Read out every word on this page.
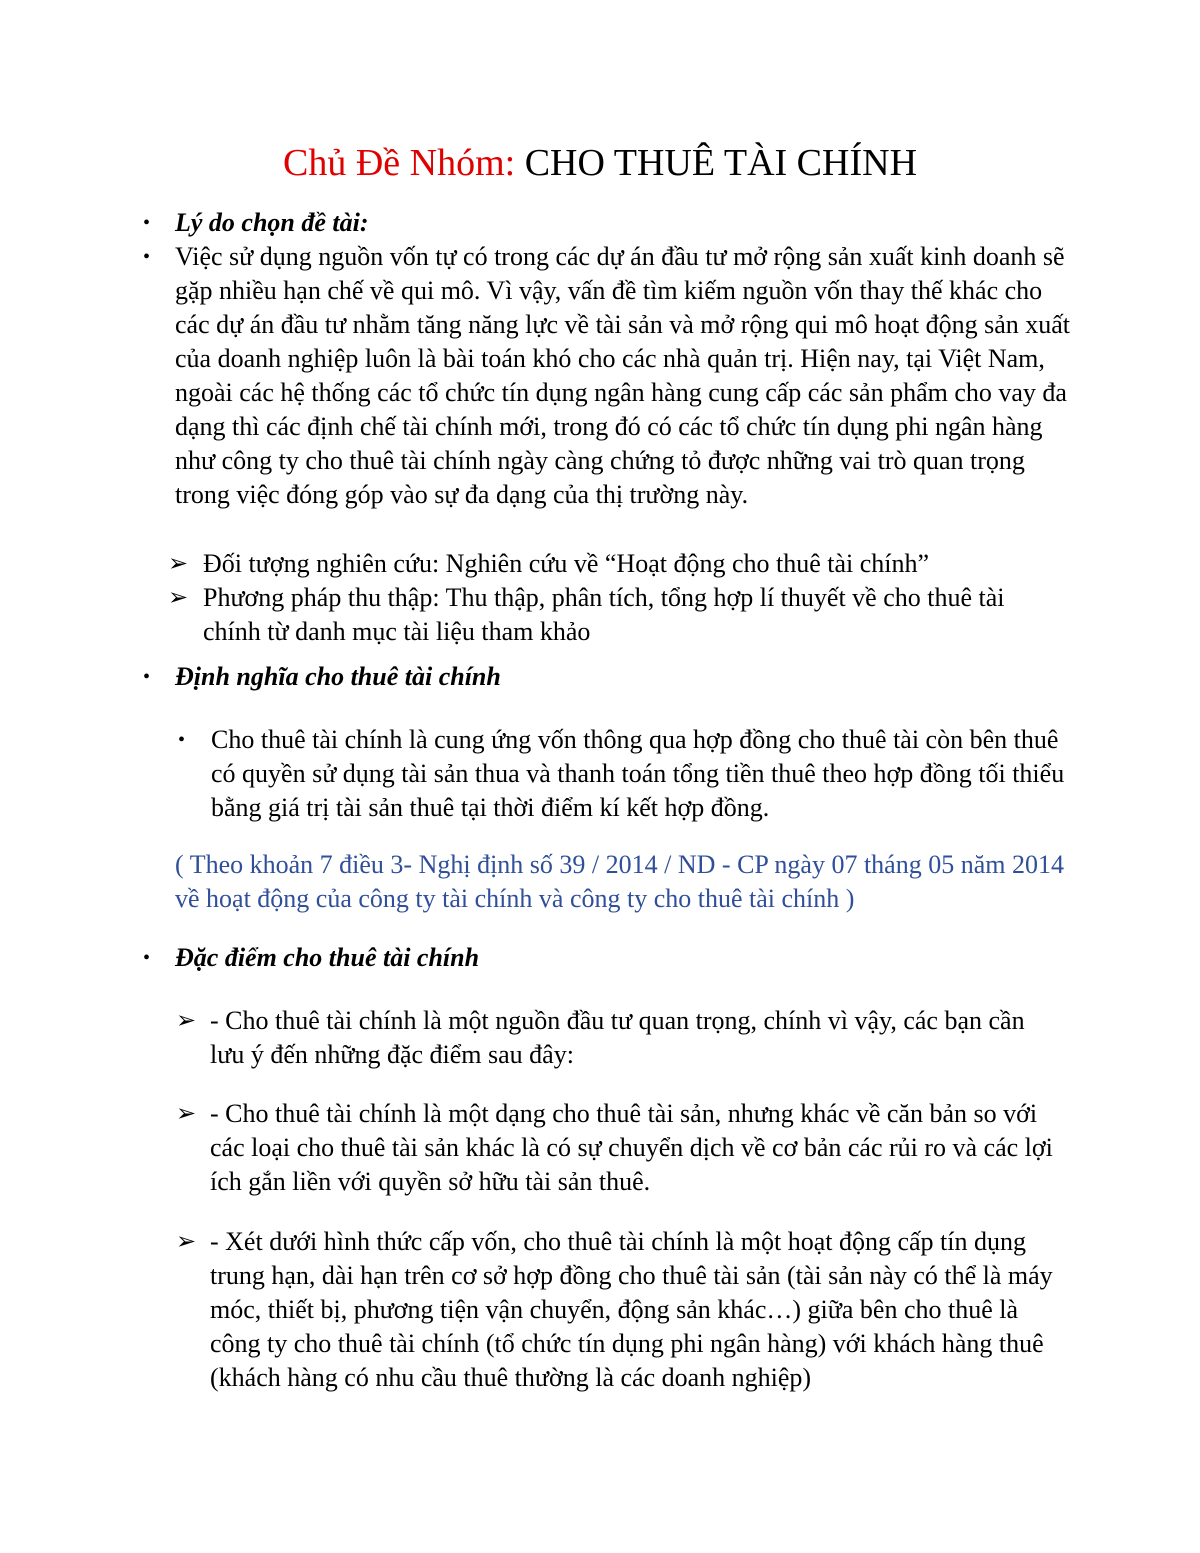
Chủ Đề Nhóm: CHO THUÊ TÀI CHÍNH
• Lý do chọn đề tài:
• Việc sử dụng nguồn vốn tự có trong các dự án đầu tư mở rộng sản xuất kinh doanh sẽ gặp nhiều hạn chế về qui mô. Vì vậy, vấn đề tìm kiếm nguồn vốn thay thế khác cho các dự án đầu tư nhằm tăng năng lực về tài sản và mở rộng qui mô hoạt động sản xuất của doanh nghiệp luôn là bài toán khó cho các nhà quản trị. Hiện nay, tại Việt Nam, ngoài các hệ thống các tổ chức tín dụng ngân hàng cung cấp các sản phẩm cho vay đa dạng thì các định chế tài chính mới, trong đó có các tổ chức tín dụng phi ngân hàng như công ty cho thuê tài chính ngày càng chứng tỏ được những vai trò quan trọng trong việc đóng góp vào sự đa dạng của thị trường này.
➢ Đối tượng nghiên cứu: Nghiên cứu về “Hoạt động cho thuê tài chính”
➢ Phương pháp thu thập: Thu thập, phân tích, tổng hợp lí thuyết về cho thuê tài chính từ danh mục tài liệu tham khảo
• Định nghĩa cho thuê tài chính
• Cho thuê tài chính là cung ứng vốn thông qua hợp đồng cho thuê tài còn bên thuê có quyền sử dụng tài sản thua và thanh toán tổng tiền thuê theo hợp đồng tối thiểu bằng giá trị tài sản thuê tại thời điểm kí kết hợp đồng.
( Theo khoản 7 điều 3- Nghị định số 39 / 2014 / ND - CP ngày 07 tháng 05 năm 2014 về hoạt động của công ty tài chính và công ty cho thuê tài chính )
• Đặc điểm cho thuê tài chính
➢ - Cho thuê tài chính là một nguồn đầu tư quan trọng, chính vì vậy, các bạn cần lưu ý đến những đặc điểm sau đây:
➢ - Cho thuê tài chính là một dạng cho thuê tài sản, nhưng khác về căn bản so với các loại cho thuê tài sản khác là có sự chuyển dịch về cơ bản các rủi ro và các lợi ích gắn liền với quyền sở hữu tài sản thuê.
➢ - Xét dưới hình thức cấp vốn, cho thuê tài chính là một hoạt động cấp tín dụng trung hạn, dài hạn trên cơ sở hợp đồng cho thuê tài sản (tài sản này có thể là máy móc, thiết bị, phương tiện vận chuyển, động sản khác…) giữa bên cho thuê là công ty cho thuê tài chính (tổ chức tín dụng phi ngân hàng) với khách hàng thuê (khách hàng có nhu cầu thuê thường là các doanh nghiệp)
